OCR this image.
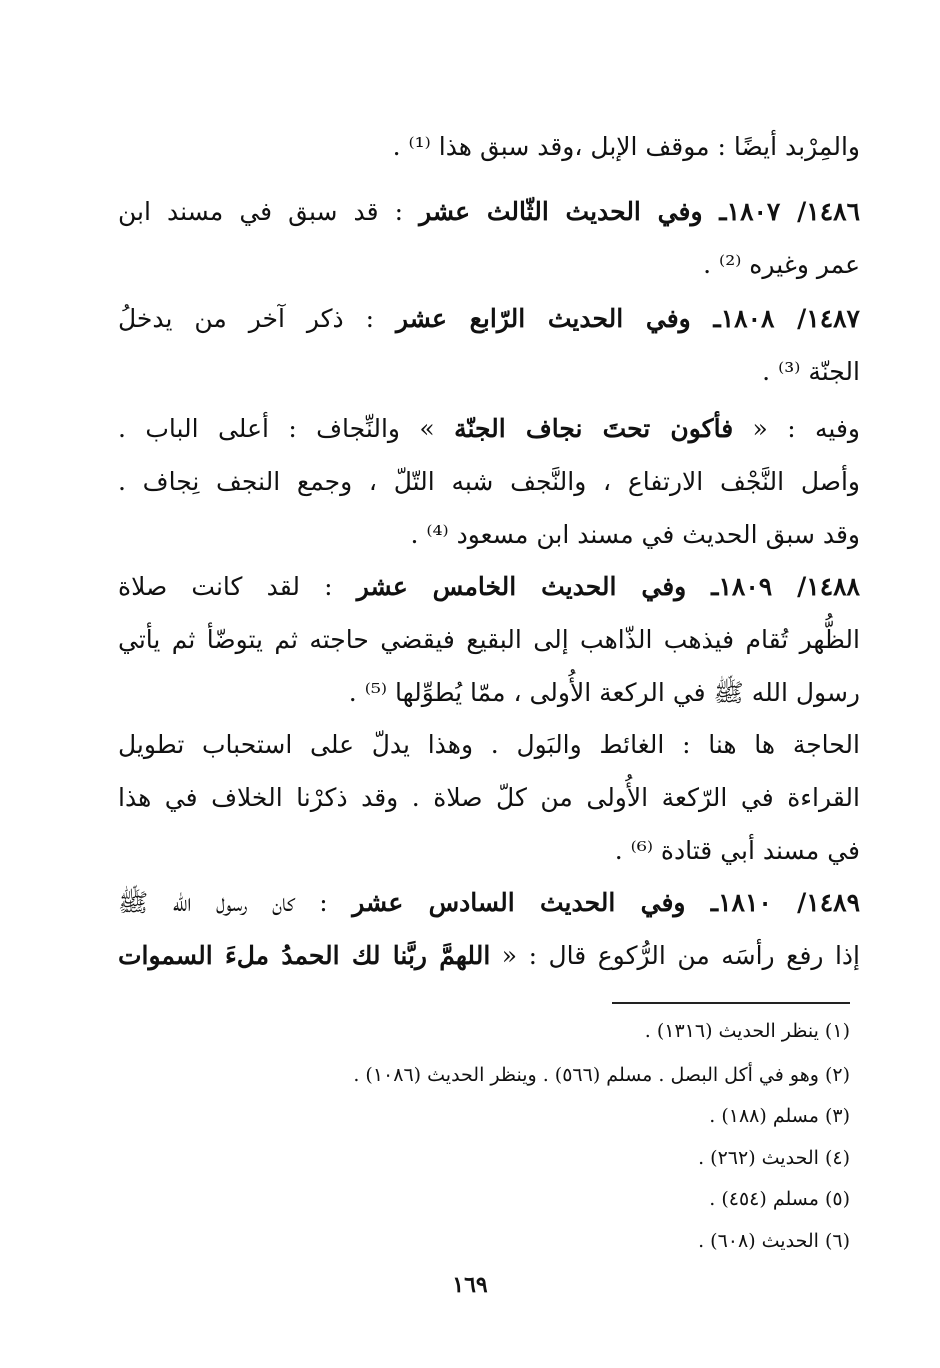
والمِرْبد أيضًا : موقف الإبل ،وقد سبق هذا ⁽¹⁾ .
١٤٨٦/ ١٨٠٧ـ وفي الحديث الثّالث عشر : قد سبق في مسند ابن
عمر وغيره ⁽²⁾ .
١٤٨٧/ ١٨٠٨ـ وفي الحديث الرّابع عشر : ذكر آخر من يدخلُ
الجنّة ⁽³⁾ .
وفيه : « فأكون تحتَ نجاف الجنّة » والنِّجاف : أعلى الباب .
وأصل النَّجْف الارتفاع ، والنَّجف شبه التّلّ ، وجمع النجف نِجاف .
وقد سبق الحديث في مسند ابن مسعود ⁽⁴⁾ .
١٤٨٨/ ١٨٠٩ـ وفي الحديث الخامس عشر : لقد كانت صلاة
الظُّهر تُقام فيذهب الذّاهب إلى البقيع فيقضي حاجته ثم يتوضّأ ثم يأتي
رسول الله ﷺ في الركعة الأُولى ، ممّا يُطوِّلها ⁽⁵⁾ .
الحاجة ها هنا : الغائط والبَول . وهذا يدلّ على استحباب تطويل
القراءة في الرّكعة الأُولى من كلّ صلاة . وقد ذكرْنا الخلاف في هذا
في مسند أبي قتادة ⁽⁶⁾ .
١٤٨٩/ ١٨١٠ـ وفي الحديث السادس عشر : كان رسول الله ﷺ
إذا رفع رأسَه من الرُّكوع قال : « اللهمَّ ربَّنا لك الحمدُ ملءَ السموات
(١) ينظر الحديث (١٣١٦) .
(٢) وهو في أكل البصل . مسلم (٥٦٦) . وينظر الحديث (١٠٨٦) .
(٣) مسلم (١٨٨) .
(٤) الحديث (٢٦٢) .
(٥) مسلم (٤٥٤) .
(٦) الحديث (٦٠٨) .
١٦٩
